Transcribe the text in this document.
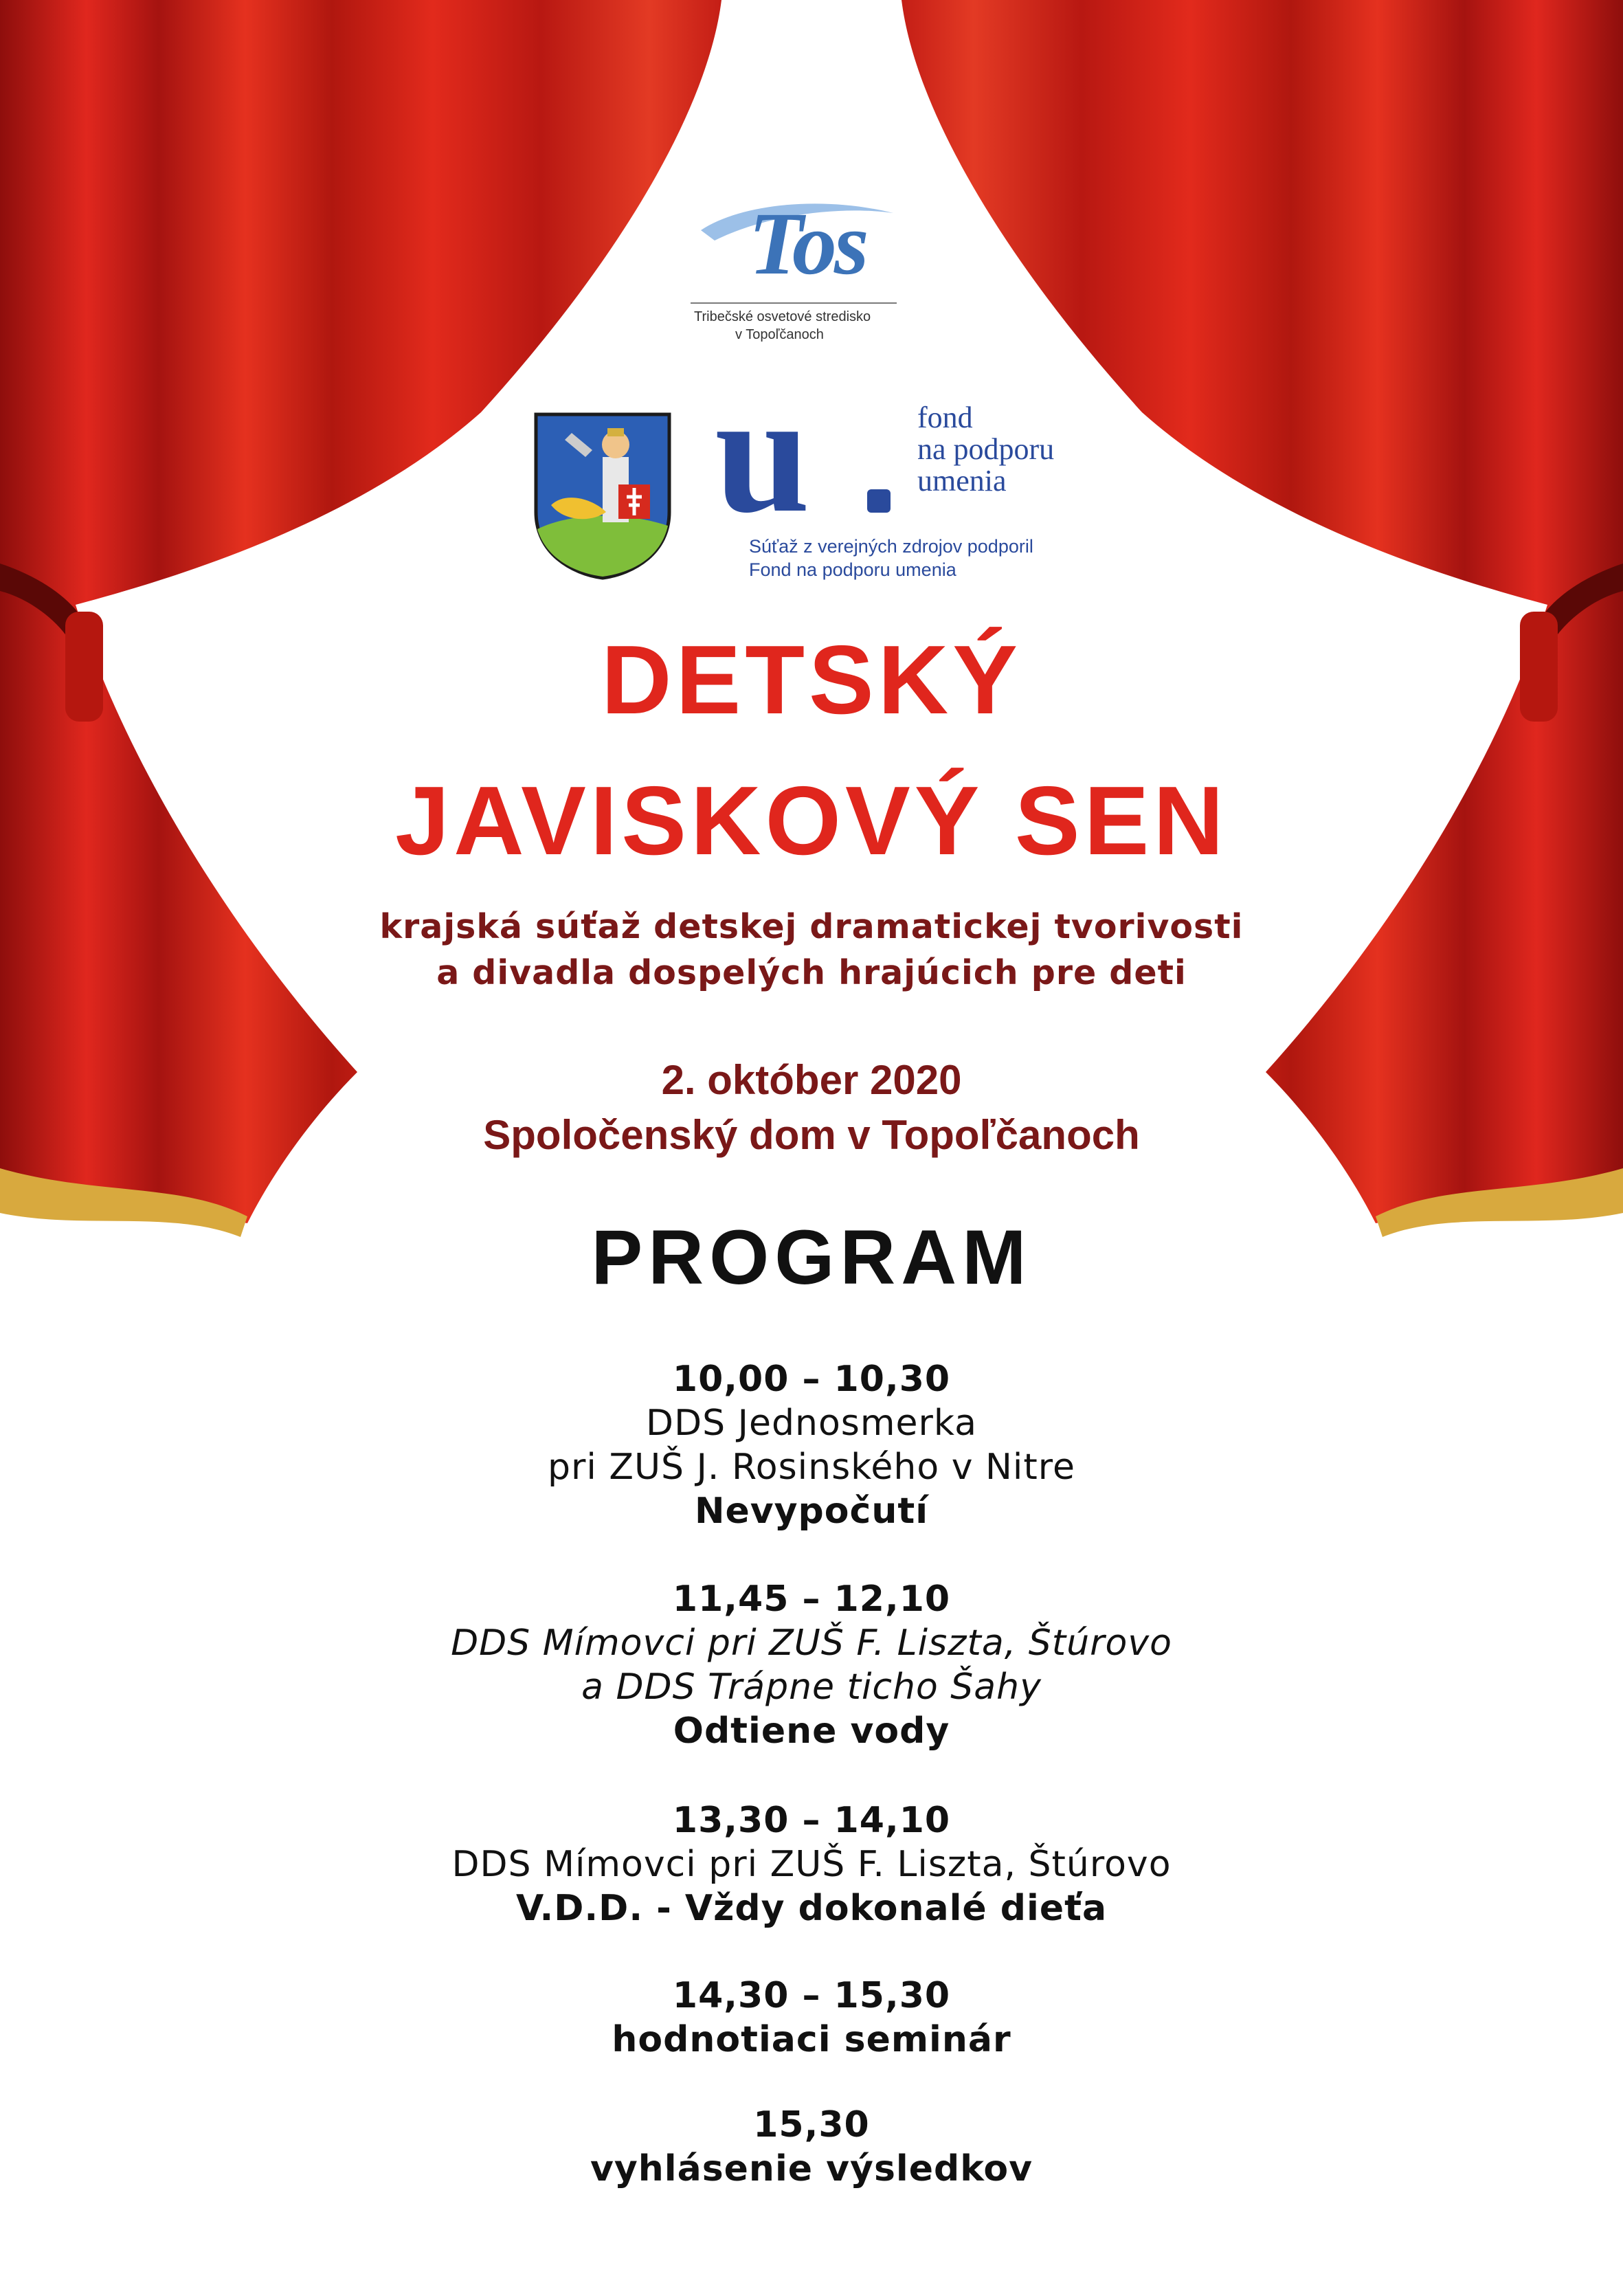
Tos
Tribečské osvetové stredisko
v Topoľčanoch
u	fond
na podporu
umenia
Súťaž z verejných zdrojov podporil
Fond na podporu umenia
DETSKÝ
JAVISKOVÝ SEN
krajská súťaž detskej dramatickej tvorivosti
a divadla dospelých hrajúcich pre deti
2. október 2020
Spoločenský dom v Topoľčanoch
PROGRAM
10,00 – 10,30
DDS Jednosmerka
pri ZUŠ J. Rosinského v Nitre
Nevypočutí
11,45 – 12,10
DDS Mímovci pri ZUŠ F. Liszta, Štúrovo
a DDS Trápne ticho Šahy
Odtiene vody
13,30 – 14,10
DDS Mímovci pri ZUŠ F. Liszta, Štúrovo
V.D.D. - Vždy dokonalé dieťa
14,30 – 15,30
hodnotiaci seminár
15,30
vyhlásenie výsledkov
